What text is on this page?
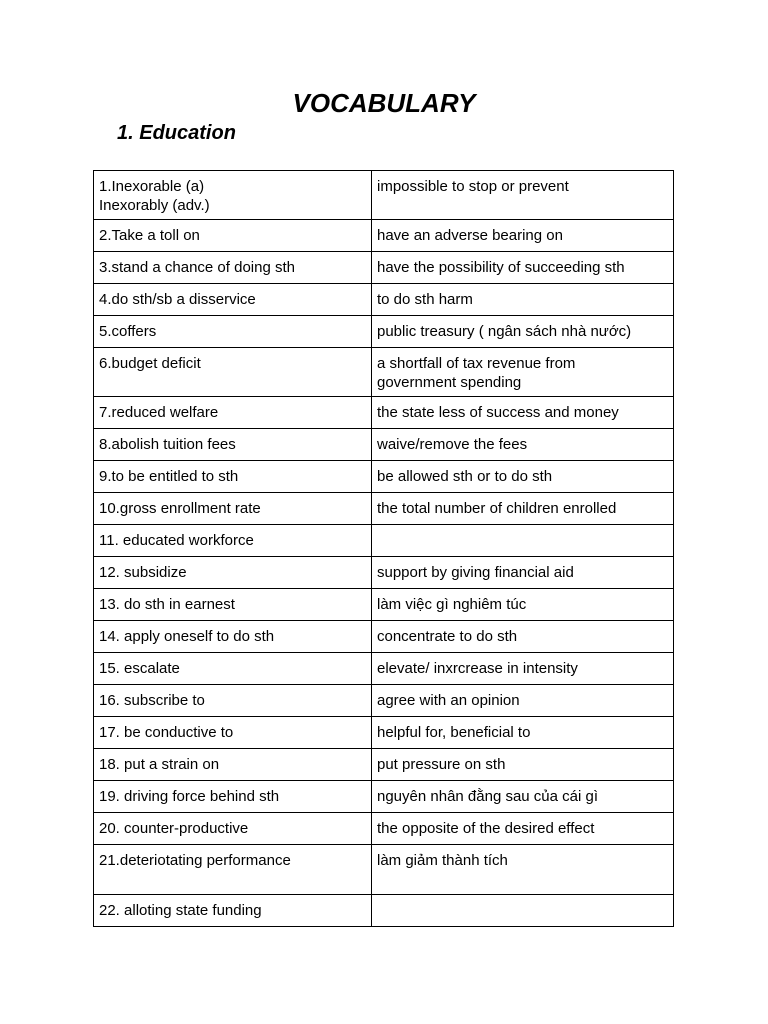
VOCABULARY
1. Education
1.Inexorable (a)
Inexorably (adv.)	impossible to stop or prevent
2.Take a toll on	have an adverse bearing on
3.stand a chance of doing sth	have the possibility of succeeding sth
4.do sth/sb a disservice	to do sth harm
5.coffers	public treasury ( ngân sách nhà nước)
6.budget deficit	a shortfall of tax revenue from
government spending
7.reduced welfare	the state less of success and money
8.abolish tuition fees	waive/remove the fees
9.to be entitled to sth	be allowed sth or to do sth
10.gross enrollment rate	the total number of children enrolled
11. educated workforce	
12. subsidize	support by giving financial aid
13. do sth in earnest	làm việc gì nghiêm túc
14. apply oneself to do sth	concentrate to do sth
15. escalate	elevate/ inxrcrease in intensity
16. subscribe to	agree with an opinion
17. be conductive to	helpful for, beneficial to
18. put a strain on	put pressure on sth
19. driving force behind sth	nguyên nhân đằng sau của cái gì
20. counter-productive	the opposite of the desired effect
21.deteriotating performance	làm giảm thành tích
22. alloting state funding	
